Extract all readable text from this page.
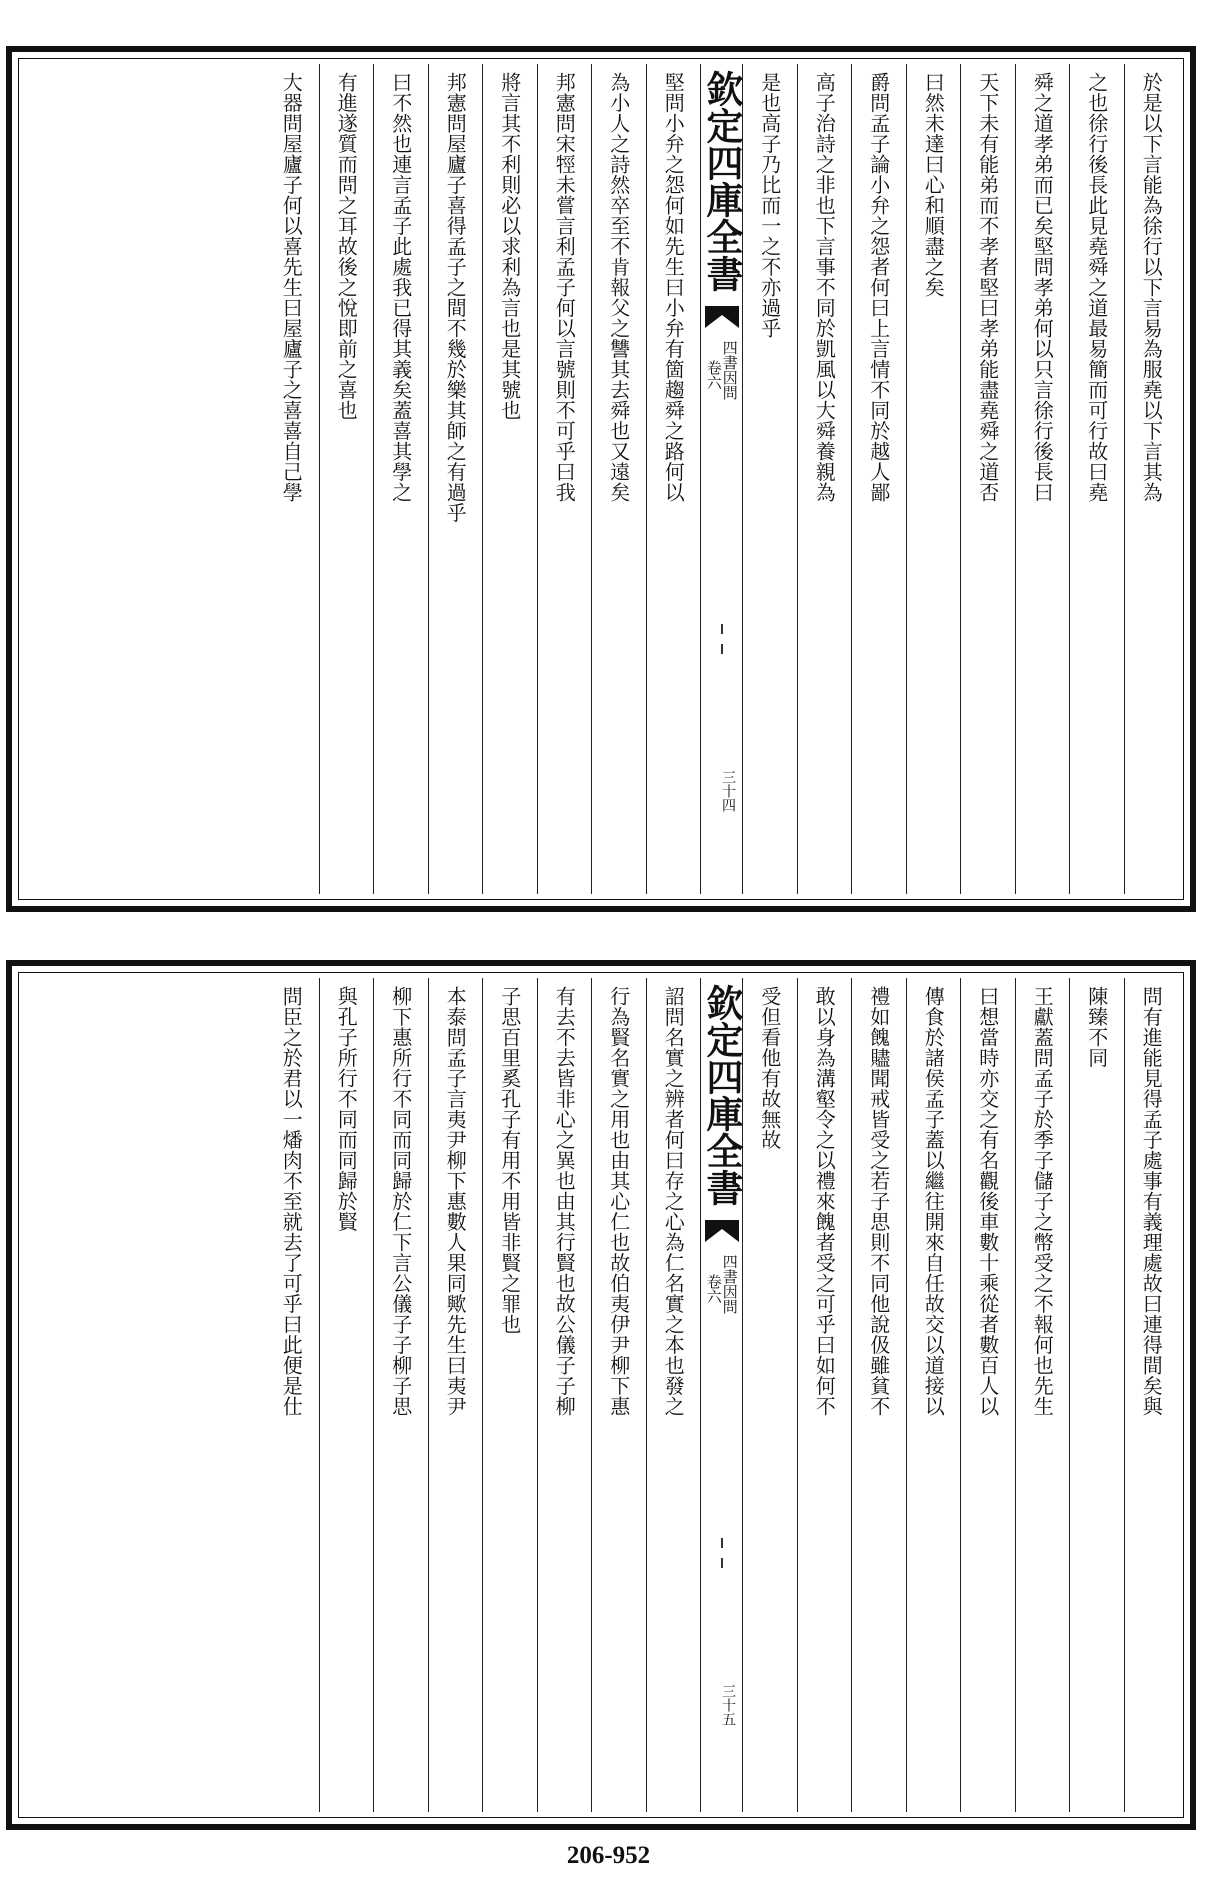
於是以下言能為徐行以下言易為服堯以下言其為
之也徐行後長此見堯舜之道最易簡而可行故曰堯
舜之道孝弟而已矣堅問孝弟何以只言徐行後長曰
天下未有能弟而不孝者堅曰孝弟能盡堯舜之道否
曰然未達曰心和順盡之矣
爵問孟子論小弁之怨者何曰上言情不同於越人鄙
高子治詩之非也下言事不同於凱風以大舜養親為
是也高子乃比而一之不亦過乎
欽定四庫全書
四書因問
卷六
三十四
堅問小弁之怨何如先生曰小弁有箇趨舜之路何以
為小人之詩然卒至不肯報父之讐其去舜也又遠矣
邦憲問宋牼未嘗言利孟子何以言號則不可乎曰我
將言其不利則必以求利為言也是其號也
邦憲問屋廬子喜得孟子之間不幾於樂其師之有過乎
曰不然也連言孟子此處我已得其義矣蓋喜其學之
有進遂質而問之耳故後之悅即前之喜也
大器問屋廬子何以喜先生曰屋廬子之喜喜自己學
問有進能見得孟子處事有義理處故曰連得間矣與
陳臻不同
王獻蓋問孟子於季子儲子之幣受之不報何也先生
曰想當時亦交之有名觀後車數十乘從者數百人以
傳食於諸侯孟子蓋以繼往開來自任故交以道接以
禮如餽贐聞戒皆受之若子思則不同他說伋雖貧不
敢以身為溝壑令之以禮來餽者受之可乎曰如何不
受但看他有故無故
欽定四庫全書
四書因問
卷六
三十五
詔問名實之辨者何曰存之心為仁名實之本也發之
行為賢名實之用也由其心仁也故伯夷伊尹柳下惠
有去不去皆非心之異也由其行賢也故公儀子子柳
子思百里奚孔子有用不用皆非賢之罪也
本泰問孟子言夷尹柳下惠數人果同歟先生曰夷尹
柳下惠所行不同而同歸於仁下言公儀子子柳子思
與孔子所行不同而同歸於賢
問臣之於君以一燔肉不至就去了可乎曰此便是仕
206-952
